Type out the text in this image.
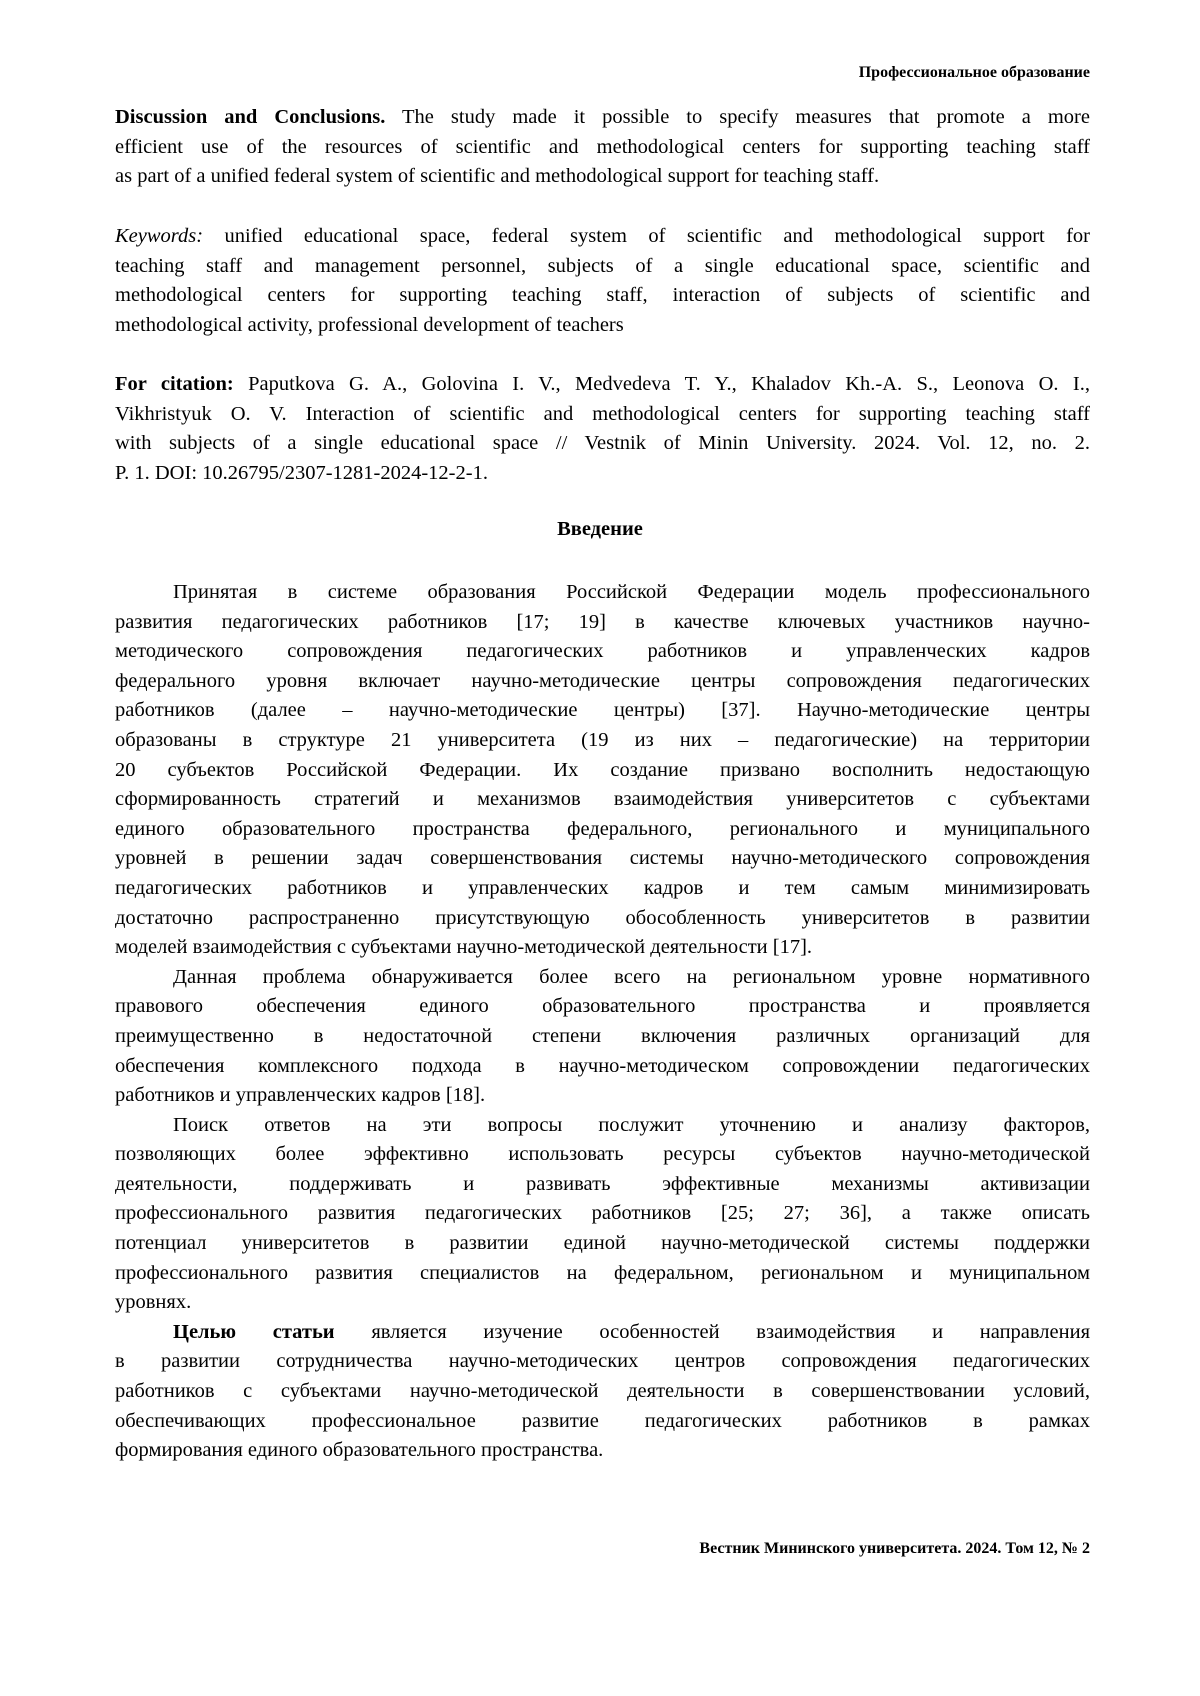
Профессиональное образование
Discussion and Conclusions. The study made it possible to specify measures that promote a more
efficient use of the resources of scientific and methodological centers for supporting teaching staff
as part of a unified federal system of scientific and methodological support for teaching staff.
Keywords: unified educational space, federal system of scientific and methodological support for
teaching staff and management personnel, subjects of a single educational space, scientific and
methodological centers for supporting teaching staff, interaction of subjects of scientific and
methodological activity, professional development of teachers
For citation: Paputkova G. A., Golovina I. V., Medvedeva T. Y., Khaladov Kh.-A. S., Leonova O. I.,
Vikhristyuk O. V. Interaction of scientific and methodological centers for supporting teaching staff
with subjects of a single educational space // Vestnik of Minin University. 2024. Vol. 12, no. 2.
P. 1. DOI: 10.26795/2307-1281-2024-12-2-1.
Введение
Принятая в системе образования Российской Федерации модель профессионального
развития педагогических работников [17; 19] в качестве ключевых участников научно-
методического сопровождения педагогических работников и управленческих кадров
федерального уровня включает научно-методические центры сопровождения педагогических
работников (далее – научно-методические центры) [37]. Научно-методические центры
образованы в структуре 21 университета (19 из них – педагогические) на территории
20 субъектов Российской Федерации. Их создание призвано восполнить недостающую
сформированность стратегий и механизмов взаимодействия университетов с субъектами
единого образовательного пространства федерального, регионального и муниципального
уровней в решении задач совершенствования системы научно-методического сопровождения
педагогических работников и управленческих кадров и тем самым минимизировать
достаточно распространенно присутствующую обособленность университетов в развитии
моделей взаимодействия с субъектами научно-методической деятельности [17].
Данная проблема обнаруживается более всего на региональном уровне нормативного
правового обеспечения единого образовательного пространства и проявляется
преимущественно в недостаточной степени включения различных организаций для
обеспечения комплексного подхода в научно-методическом сопровождении педагогических
работников и управленческих кадров [18].
Поиск ответов на эти вопросы послужит уточнению и анализу факторов,
позволяющих более эффективно использовать ресурсы субъектов научно-методической
деятельности, поддерживать и развивать эффективные механизмы активизации
профессионального развития педагогических работников [25; 27; 36], а также описать
потенциал университетов в развитии единой научно-методической системы поддержки
профессионального развития специалистов на федеральном, региональном и муниципальном
уровнях.
Целью статьи является изучение особенностей взаимодействия и направления
в развитии сотрудничества научно-методических центров сопровождения педагогических
работников с субъектами научно-методической деятельности в совершенствовании условий,
обеспечивающих профессиональное развитие педагогических работников в рамках
формирования единого образовательного пространства.
Вестник Мининского университета. 2024. Том 12, № 2
